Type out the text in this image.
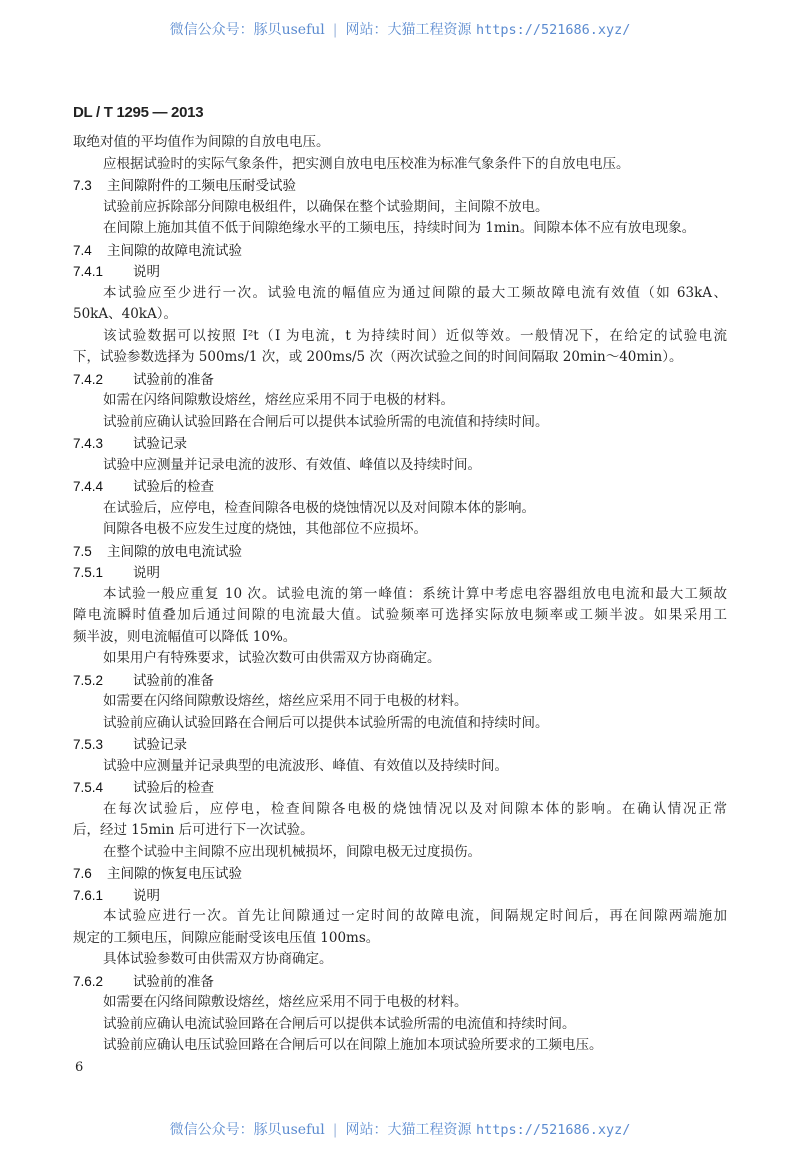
微信公众号：豚贝useful | 网站：大猫工程资源 https://521686.xyz/
DL / T 1295 — 2013
取绝对值的平均值作为间隙的自放电电压。
应根据试验时的实际气象条件，把实测自放电电压校准为标准气象条件下的自放电电压。
7.3 主间隙附件的工频电压耐受试验
试验前应拆除部分间隙电极组件，以确保在整个试验期间，主间隙不放电。
在间隙上施加其值不低于间隙绝缘水平的工频电压，持续时间为 1min。间隙本体不应有放电现象。
7.4 主间隙的故障电流试验
7.4.1 说明
本试验应至少进行一次。试验电流的幅值应为通过间隙的最大工频故障电流有效值（如 63kA、
50kA、40kA）。
该试验数据可以按照 I²t（I 为电流，t 为持续时间）近似等效。一般情况下，在给定的试验电流
下，试验参数选择为 500ms/1 次，或 200ms/5 次（两次试验之间的时间间隔取 20min～40min）。
7.4.2 试验前的准备
如需在闪络间隙敷设熔丝，熔丝应采用不同于电极的材料。
试验前应确认试验回路在合闸后可以提供本试验所需的电流值和持续时间。
7.4.3 试验记录
试验中应测量并记录电流的波形、有效值、峰值以及持续时间。
7.4.4 试验后的检查
在试验后，应停电，检查间隙各电极的烧蚀情况以及对间隙本体的影响。
间隙各电极不应发生过度的烧蚀，其他部位不应损坏。
7.5 主间隙的放电电流试验
7.5.1 说明
本试验一般应重复 10 次。试验电流的第一峰值：系统计算中考虑电容器组放电电流和最大工频故
障电流瞬时值叠加后通过间隙的电流最大值。试验频率可选择实际放电频率或工频半波。如果采用工
频半波，则电流幅值可以降低 10%。
如果用户有特殊要求，试验次数可由供需双方协商确定。
7.5.2 试验前的准备
如需要在闪络间隙敷设熔丝，熔丝应采用不同于电极的材料。
试验前应确认试验回路在合闸后可以提供本试验所需的电流值和持续时间。
7.5.3 试验记录
试验中应测量并记录典型的电流波形、峰值、有效值以及持续时间。
7.5.4 试验后的检查
在每次试验后，应停电，检查间隙各电极的烧蚀情况以及对间隙本体的影响。在确认情况正常
后，经过 15min 后可进行下一次试验。
在整个试验中主间隙不应出现机械损坏，间隙电极无过度损伤。
7.6 主间隙的恢复电压试验
7.6.1 说明
本试验应进行一次。首先让间隙通过一定时间的故障电流，间隔规定时间后，再在间隙两端施加
规定的工频电压，间隙应能耐受该电压值 100ms。
具体试验参数可由供需双方协商确定。
7.6.2 试验前的准备
如需要在闪络间隙敷设熔丝，熔丝应采用不同于电极的材料。
试验前应确认电流试验回路在合闸后可以提供本试验所需的电流值和持续时间。
试验前应确认电压试验回路在合闸后可以在间隙上施加本项试验所要求的工频电压。
6
微信公众号：豚贝useful | 网站：大猫工程资源 https://521686.xyz/
